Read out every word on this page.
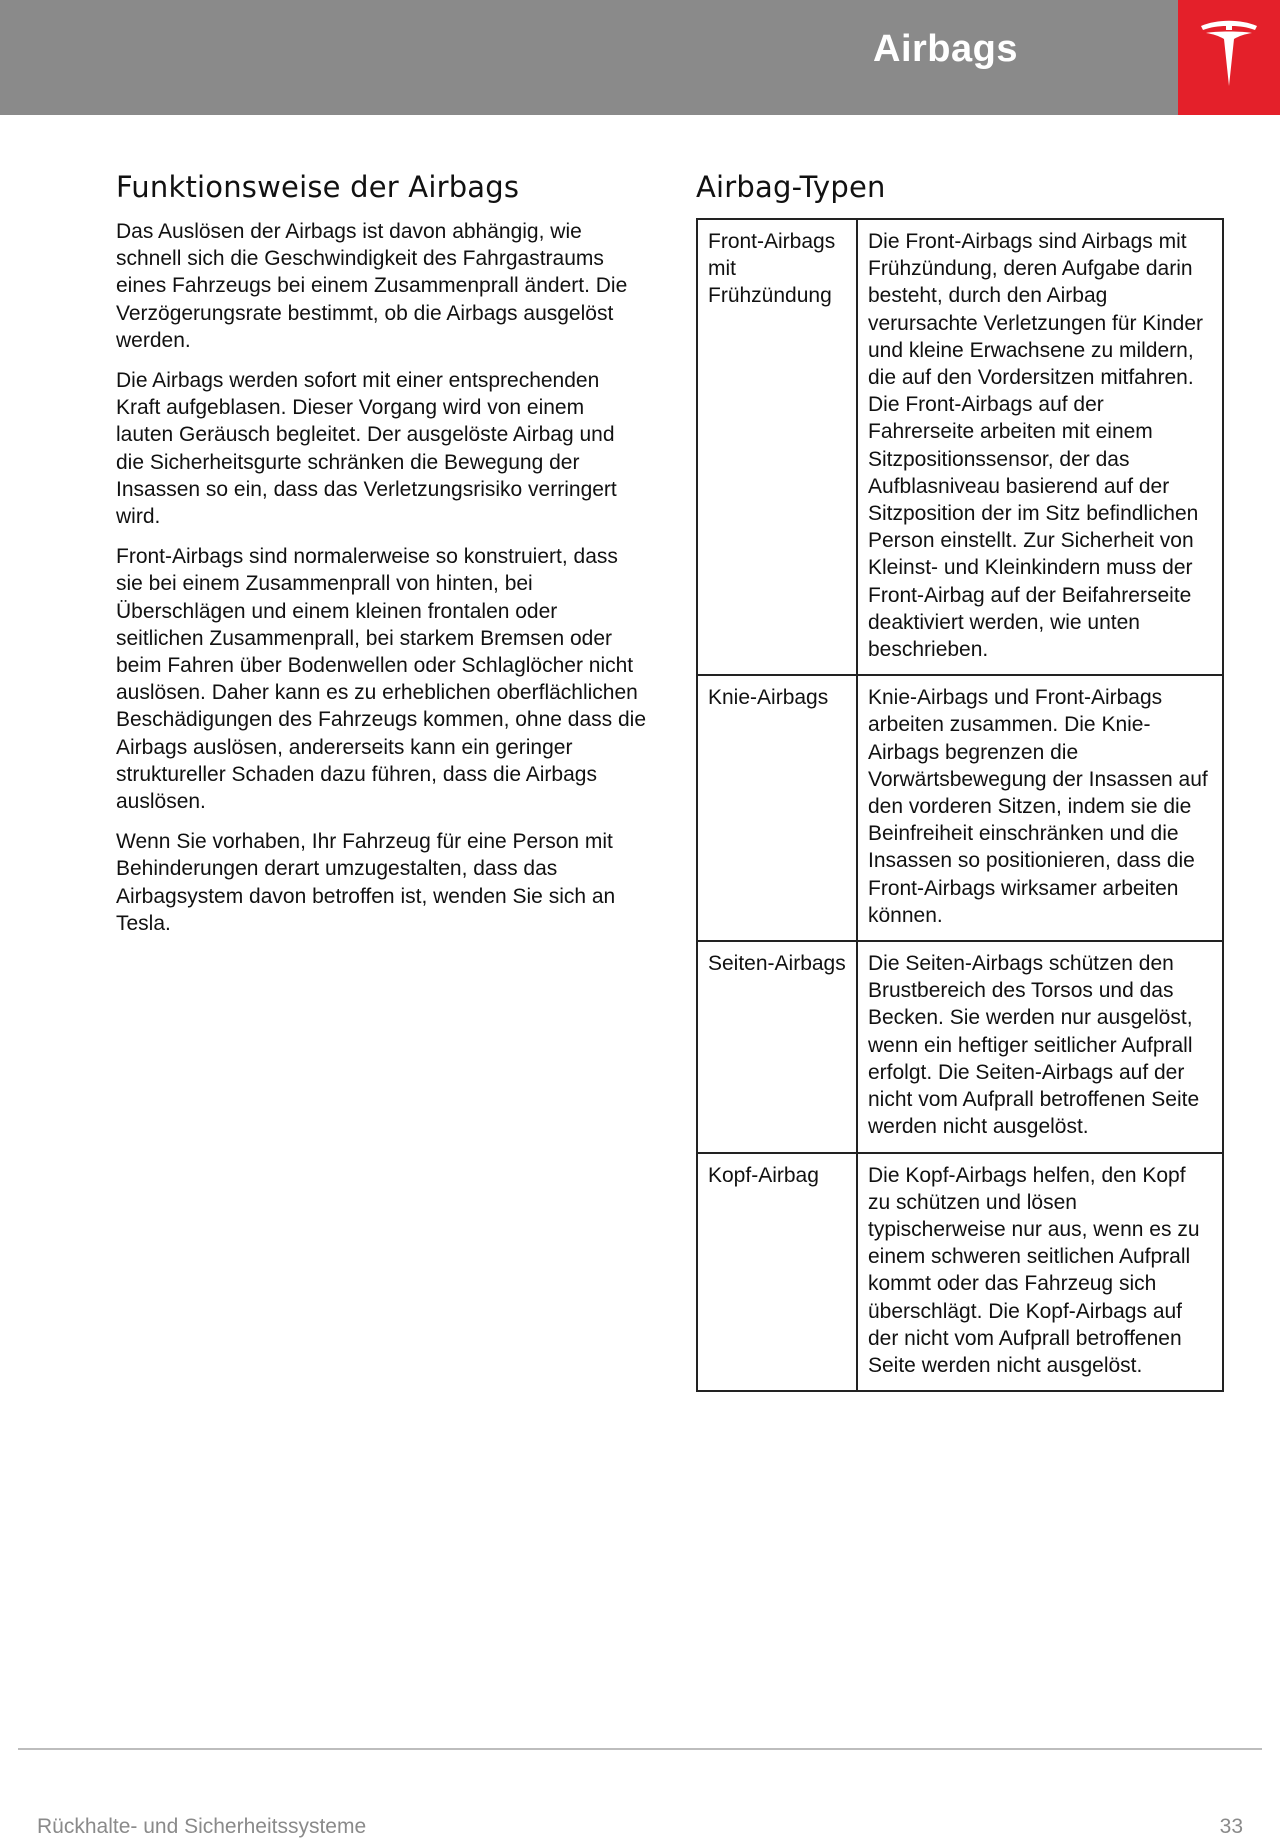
Airbags
Funktionsweise der Airbags

Das Auslösen der Airbags ist davon abhängig, wie schnell sich die Geschwindigkeit des Fahrgastraums eines Fahrzeugs bei einem Zusammenprall ändert. Die Verzögerungsrate bestimmt, ob die Airbags ausgelöst werden.

Die Airbags werden sofort mit einer entsprechenden Kraft aufgeblasen. Dieser Vorgang wird von einem lauten Geräusch begleitet. Der ausgelöste Airbag und die Sicherheitsgurte schränken die Bewegung der Insassen so ein, dass das Verletzungsrisiko verringert wird.

Front-Airbags sind normalerweise so konstruiert, dass sie bei einem Zusammenprall von hinten, bei Überschlägen und einem kleinen frontalen oder seitlichen Zusammenprall, bei starkem Bremsen oder beim Fahren über Bodenwellen oder Schlaglöcher nicht auslösen. Daher kann es zu erheblichen oberflächlichen Beschädigungen des Fahrzeugs kommen, ohne dass die Airbags auslösen, andererseits kann ein geringer struktureller Schaden dazu führen, dass die Airbags auslösen.

Wenn Sie vorhaben, Ihr Fahrzeug für eine Person mit Behinderungen derart umzugestalten, dass das Airbagsystem davon betroffen ist, wenden Sie sich an Tesla.

Airbag-Typen
Front-Airbags mit Frühzündung	Die Front-Airbags sind Airbags mit Frühzündung, deren Aufgabe darin besteht, durch den Airbag verursachte Verletzungen für Kinder und kleine Erwachsene zu mildern, die auf den Vordersitzen mitfahren. Die Front-Airbags auf der Fahrerseite arbeiten mit einem Sitzpositionssensor, der das Aufblasniveau basierend auf der Sitzposition der im Sitz befindlichen Person einstellt. Zur Sicherheit von Kleinst- und Kleinkindern muss der Front-Airbag auf der Beifahrerseite deaktiviert werden, wie unten beschrieben.
Knie-Airbags	Knie-Airbags und Front-Airbags arbeiten zusammen. Die Knie-Airbags begrenzen die Vorwärtsbewegung der Insassen auf den vorderen Sitzen, indem sie die Beinfreiheit einschränken und die Insassen so positionieren, dass die Front-Airbags wirksamer arbeiten können.
Seiten-Airbags	Die Seiten-Airbags schützen den Brustbereich des Torsos und das Becken. Sie werden nur ausgelöst, wenn ein heftiger seitlicher Aufprall erfolgt. Die Seiten-Airbags auf der nicht vom Aufprall betroffenen Seite werden nicht ausgelöst.
Kopf-Airbag	Die Kopf-Airbags helfen, den Kopf zu schützen und lösen typischerweise nur aus, wenn es zu einem schweren seitlichen Aufprall kommt oder das Fahrzeug sich überschlägt. Die Kopf-Airbags auf der nicht vom Aufprall betroffenen Seite werden nicht ausgelöst.
Rückhalte- und Sicherheitssysteme	33
